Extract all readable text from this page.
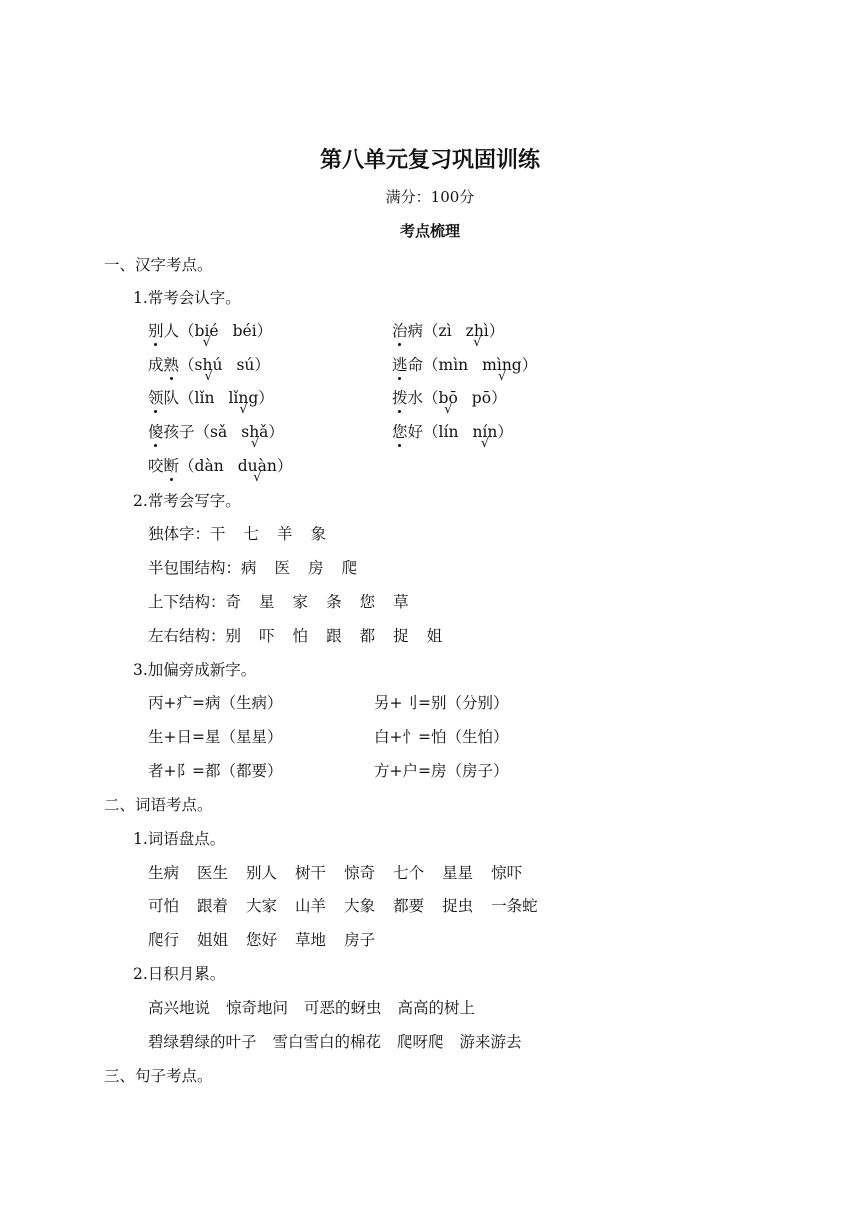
第八单元复习巩固训练
满分：100分
考点梳理
一、汉字考点。
1.常考会认字。
别人（bié √ béi）	治病（zì zhì √）
成熟（shú √ sú）	逃命（mìn mìng √）
领队（lǐn lǐng √）	拨水（bō √ pō）
傻孩子（sǎ shǎ √）	您好（lín nín √）
咬断（dàn duàn √）
2.常考会写字。
独体字：干 七 羊 象
半包围结构：病 医 房 爬
上下结构：奇 星 家 条 您 草
左右结构：别 吓 怕 跟 都 捉 姐
3.加偏旁成新字。
丙+疒=病（生病）	另+刂=别（分别）
生+日=星（星星）	白+忄=怕（生怕）
者+阝=都（都要）	方+户=房（房子）
二、词语考点。
1.词语盘点。
生病 医生 别人 树干 惊奇 七个 星星 惊吓
可怕 跟着 大家 山羊 大象 都要 捉虫 一条蛇
爬行 姐姐 您好 草地 房子
2.日积月累。
高兴地说 惊奇地问 可恶的蚜虫 高高的树上
碧绿碧绿的叶子 雪白雪白的棉花 爬呀爬 游来游去
三、句子考点。
